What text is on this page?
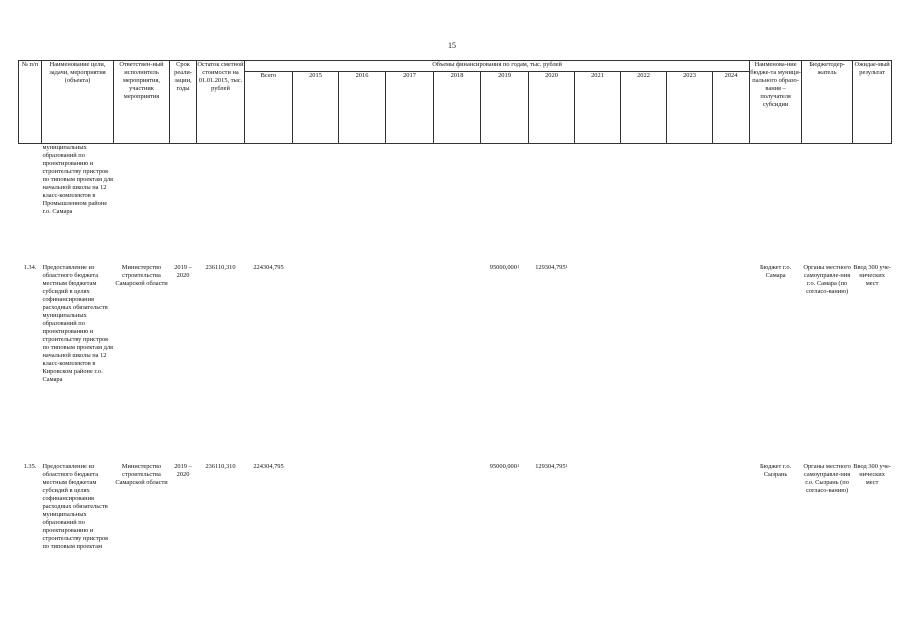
15
№ п/п	Наименование цели, задачи, мероприятия (объекта)	Ответствен-ный исполнитель мероприятия, участник мероприятия	Срок реали-зации, годы	Остаток сметной стоимости на 01.01.2015, тыс. рублей	Объемы финансирования по годам, тыс. рублей											Наименова-ние бюдже-та муници-пального образо-вания – получателя субсидии	Бюджетодер-жатель	Ожидае-мый результат
					Всего	2015	2016	2017	2018	2019	2020	2021	2022	2023	2024			
	муниципальных образований по проектированию и строительству пристроя по типовым проектам для начальной школы на 12 класс-комплектов в Промышленном районе г.о. Самара																	
1.34.	Предоставление из областного бюджета местным бюджетам субсидий в целях софинансирования расходных обязательств муниципальных образований по проектированию и строительству пристроя по типовым проектам для начальной школы на 12 класс-комплектов в Кировском районе г.о. Самара	Министерство строительства Самарской области	2019 – 2020	236110,310	224304,795					95000,000$^1$	129304,795$^1$					Бюджет г.о. Самара	Органы местного самоуправле-ния г.о. Самара (по согласо-ванию)	Ввод 300 уче-нических мест
1.35.	Предоставление из областного бюджета местным бюджетам субсидий в целях софинансирования расходных обязательств муниципальных образований по проектированию и строительству пристроя по типовым проектам	Министерство строительства Самарской области	2019 – 2020	236110,310	224304,795					95000,000$^1$	129304,795$^1$					Бюджет г.о. Сызрань	Органы местного самоуправле-ния г.о. Сызрань (по согласо-ванию)	Ввод 300 уче-нических мест
